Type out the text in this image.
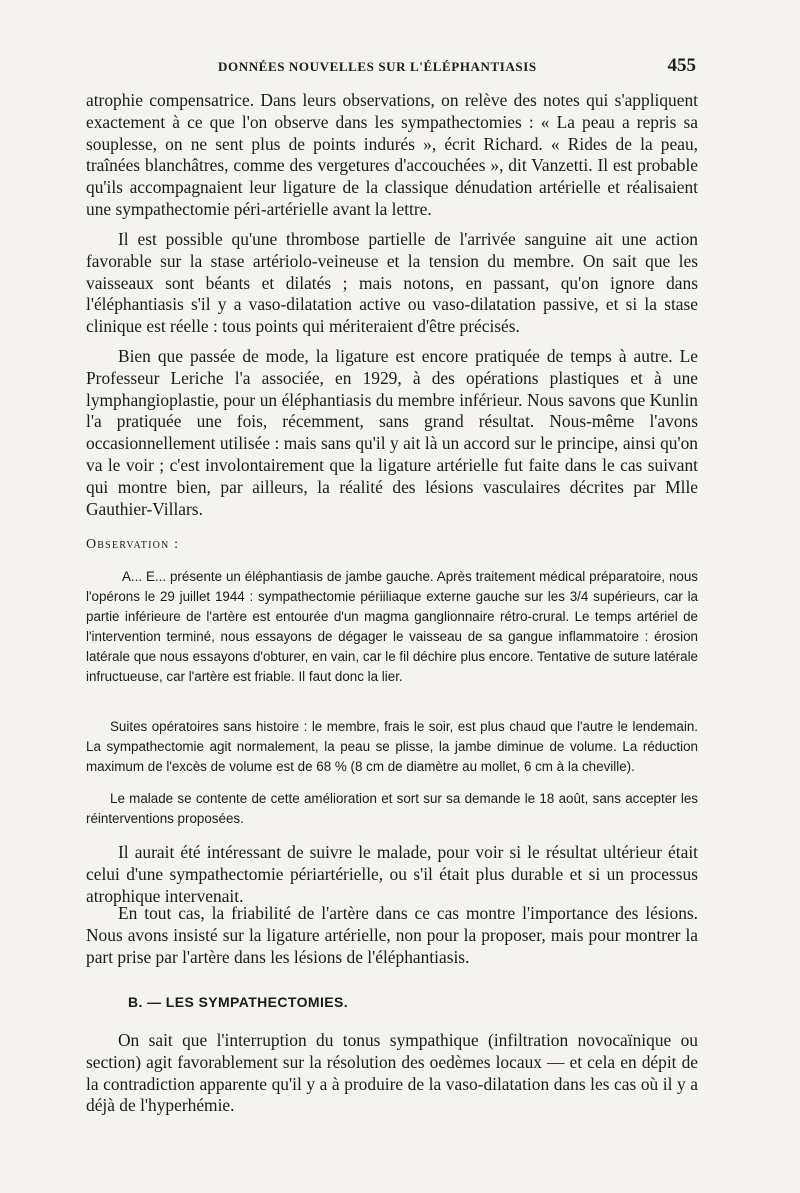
DONNÉES NOUVELLES SUR L'ÉLÉPHANTIASIS	455

atrophie compensatrice. Dans leurs observations, on relève des notes qui s'appliquent exactement à ce que l'on observe dans les sympathectomies : « La peau a repris sa souplesse, on ne sent plus de points indurés », écrit Richard. « Rides de la peau, traînées blanchâtres, comme des vergetures d'accouchées », dit Vanzetti. Il est probable qu'ils accompagnaient leur ligature de la classique dénudation artérielle et réalisaient une sympathectomie péri-artérielle avant la lettre.

Il est possible qu'une thrombose partielle de l'arrivée sanguine ait une action favorable sur la stase artériolo-veineuse et la tension du membre. On sait que les vaisseaux sont béants et dilatés ; mais notons, en passant, qu'on ignore dans l'éléphantiasis s'il y a vaso-dilatation active ou vaso-dilatation passive, et si la stase clinique est réelle : tous points qui mériteraient d'être précisés.

Bien que passée de mode, la ligature est encore pratiquée de temps à autre. Le Professeur Leriche l'a associée, en 1929, à des opérations plastiques et à une lymphangioplastie, pour un éléphantiasis du membre inférieur. Nous savons que Kunlin l'a pratiquée une fois, récemment, sans grand résultat. Nous-même l'avons occasionnellement utilisée : mais sans qu'il y ait là un accord sur le principe, ainsi qu'on va le voir ; c'est involontairement que la ligature artérielle fut faite dans le cas suivant qui montre bien, par ailleurs, la réalité des lésions vasculaires décrites par Mlle Gauthier-Villars.

Observation :

A... E... présente un éléphantiasis de jambe gauche. Après traitement médical préparatoire, nous l'opérons le 29 juillet 1944 : sympathectomie périiliaque externe gauche sur les 3/4 supérieurs, car la partie inférieure de l'artère est entourée d'un magma ganglionnaire rétro-crural. Le temps artériel de l'intervention terminé, nous essayons de dégager le vaisseau de sa gangue inflammatoire : érosion latérale que nous essayons d'obturer, en vain, car le fil déchire plus encore. Tentative de suture latérale infructueuse, car l'artère est friable. Il faut donc la lier.

Suites opératoires sans histoire : le membre, frais le soir, est plus chaud que l'autre le lendemain. La sympathectomie agit normalement, la peau se plisse, la jambe diminue de volume. La réduction maximum de l'excès de volume est de 68 % (8 cm de diamètre au mollet, 6 cm à la cheville).

Le malade se contente de cette amélioration et sort sur sa demande le 18 août, sans accepter les réinterventions proposées.

Il aurait été intéressant de suivre le malade, pour voir si le résultat ultérieur était celui d'une sympathectomie périartérielle, ou s'il était plus durable et si un processus atrophique intervenait.

En tout cas, la friabilité de l'artère dans ce cas montre l'importance des lésions. Nous avons insisté sur la ligature artérielle, non pour la proposer, mais pour montrer la part prise par l'artère dans les lésions de l'éléphantiasis.

B. — LES SYMPATHECTOMIES.

On sait que l'interruption du tonus sympathique (infiltration novocaïnique ou section) agit favorablement sur la résolution des oedèmes locaux — et cela en dépit de la contradiction apparente qu'il y a à produire de la vaso-dilatation dans les cas où il y a déjà de l'hyperhémie.
